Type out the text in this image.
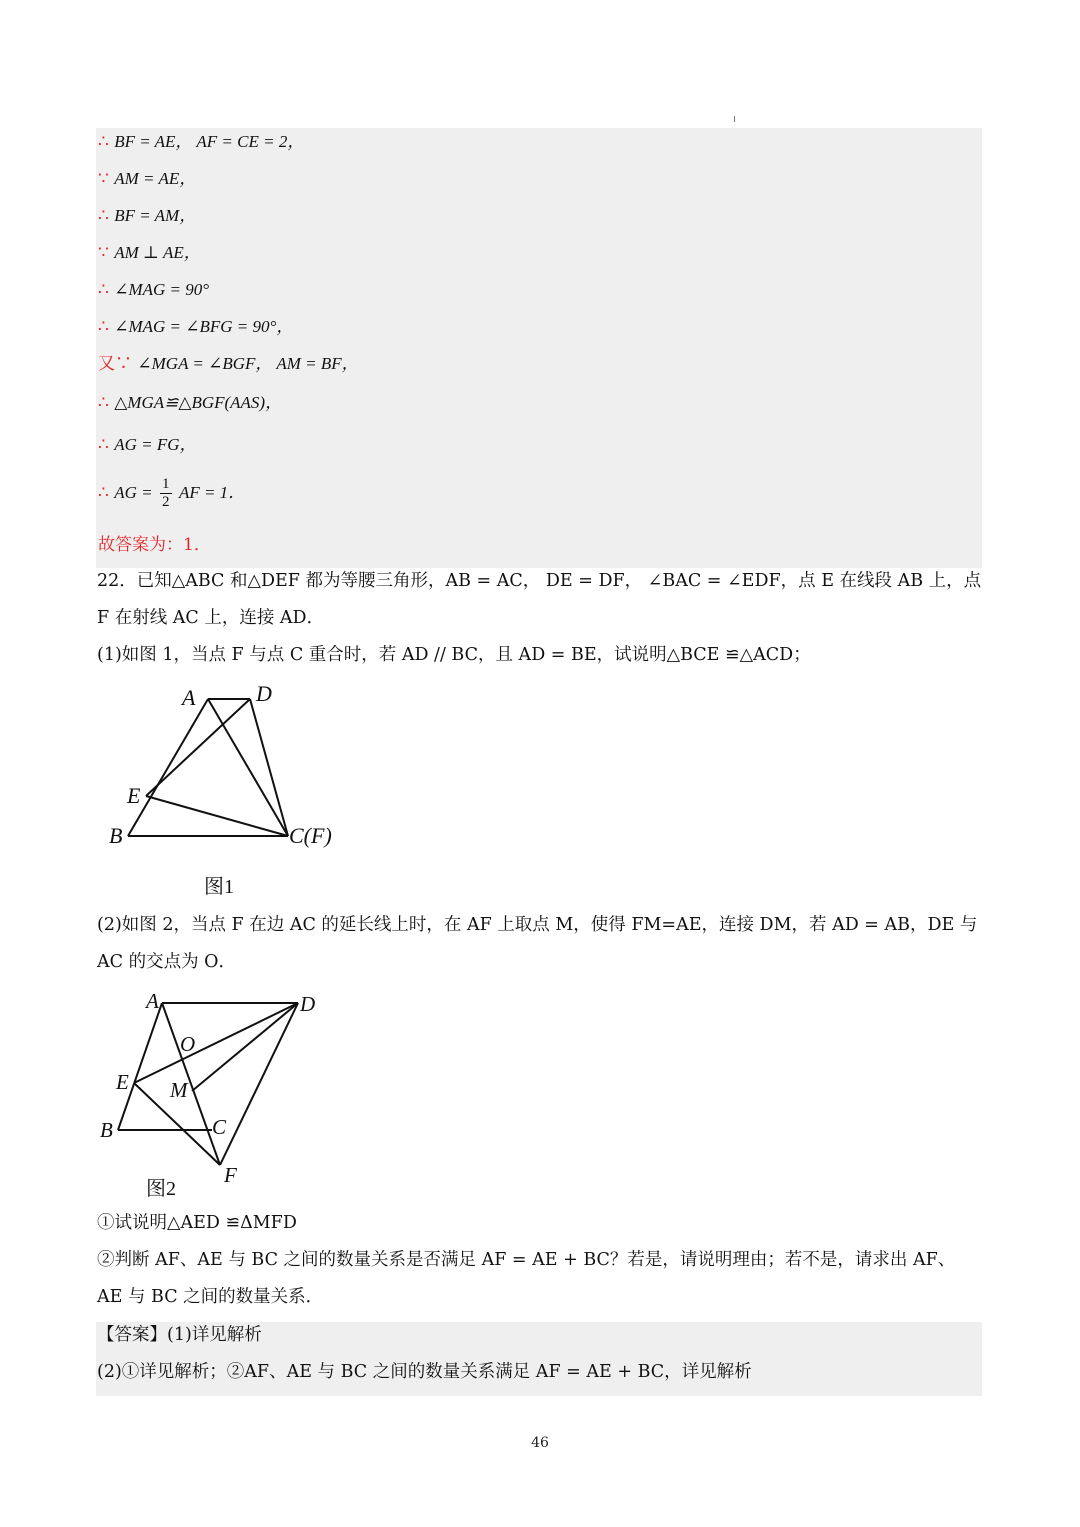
∴ BF = AE， AF = CE = 2，
∵ AM = AE，
∴ BF = AM，
∵ AM ⊥ AE，
∴ ∠MAG = 90°
∴ ∠MAG = ∠BFG = 90°，
又∵ ∠MGA = ∠BGF， AM = BF，
∴ △MGA≌△BGF(AAS)，
∴ AG = FG，
∴ AG = $\frac{1}{2}$ AF = 1．
故答案为：1．
22．已知△ABC 和△DEF 都为等腰三角形，AB = AC， DE = DF， ∠BAC = ∠EDF，点 E 在线段 AB 上，点
F 在射线 AC 上，连接 AD．
(1)如图 1，当点 F 与点 C 重合时，若 AD // BC，且 AD = BE，试说明△BCE ≌△ACD；
A	D
E
B	C(F)
图1
(2)如图 2，当点 F 在边 AC 的延长线上时，在 AF 上取点 M，使得 FM=AE，连接 DM，若 AD = AB，DE 与
AC 的交点为 O．
A	D
O
E M
B	C
F
图2
①试说明△AED ≌ΔMFD
②判断 AF、AE 与 BC 之间的数量关系是否满足 AF = AE + BC？若是，请说明理由；若不是，请求出 AF、
AE 与 BC 之间的数量关系．
【答案】(1)详见解析
(2)①详见解析；②AF、AE 与 BC 之间的数量关系满足 AF = AE + BC，详见解析
46
